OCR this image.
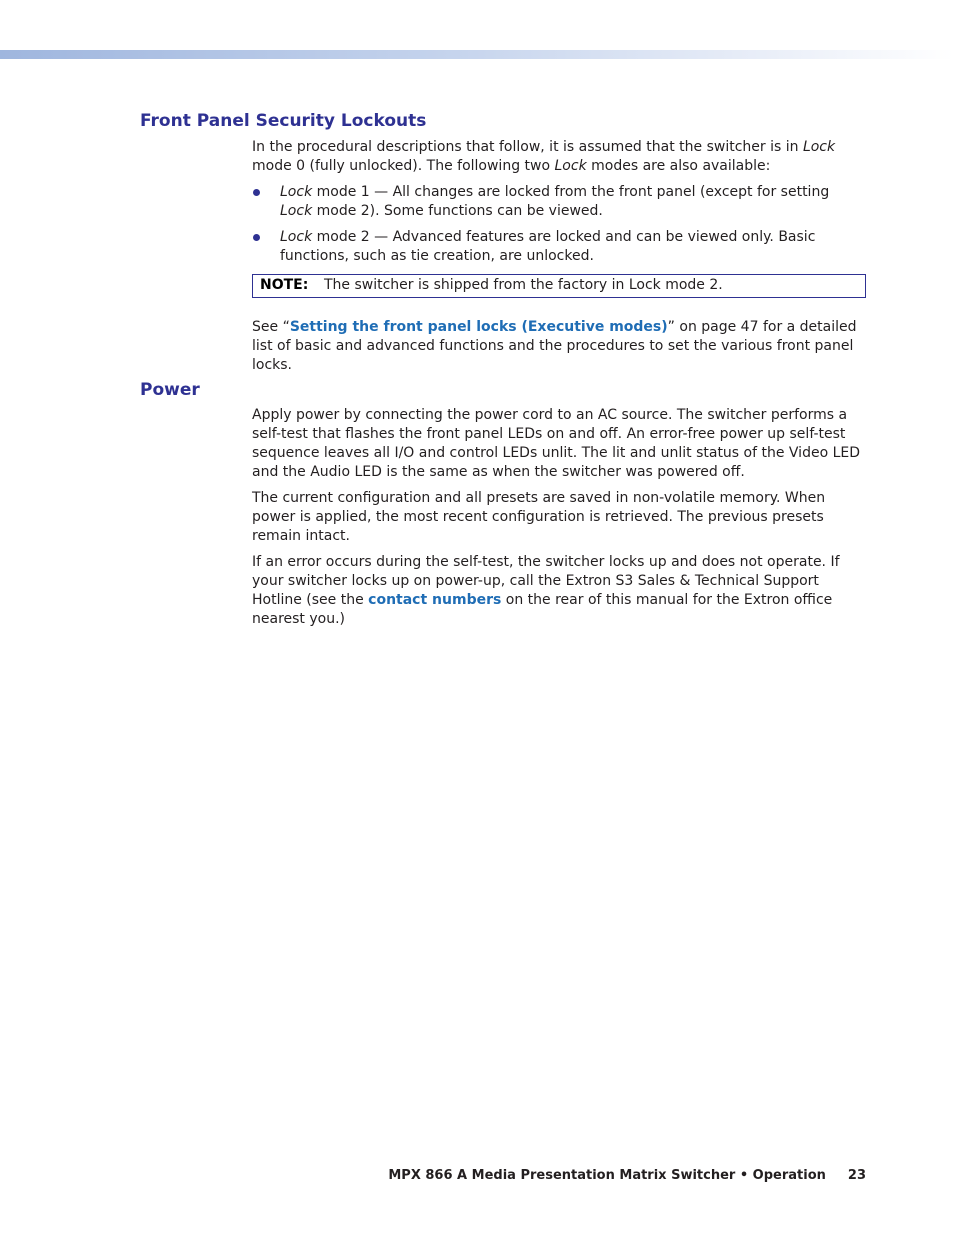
Front Panel Security Lockouts

In the procedural descriptions that follow, it is assumed that the switcher is in Lock mode 0 (fully unlocked). The following two Lock modes are also available:

Lock mode 1 — All changes are locked from the front panel (except for setting Lock mode 2). Some functions can be viewed.
Lock mode 2 — Advanced features are locked and can be viewed only. Basic functions, such as tie creation, are unlocked.
NOTE: The switcher is shipped from the factory in Lock mode 2.

See “Setting the front panel locks (Executive modes)” on page 47 for a detailed list of basic and advanced functions and the procedures to set the various front panel locks.

Power

Apply power by connecting the power cord to an AC source. The switcher performs a self-test that flashes the front panel LEDs on and off. An error-free power up self-test sequence leaves all I/O and control LEDs unlit. The lit and unlit status of the Video LED and the Audio LED is the same as when the switcher was powered off.

The current configuration and all presets are saved in non-volatile memory. When power is applied, the most recent configuration is retrieved. The previous presets remain intact.

If an error occurs during the self-test, the switcher locks up and does not operate. If your switcher locks up on power-up, call the Extron S3 Sales & Technical Support Hotline (see the contact numbers on the rear of this manual for the Extron office nearest you.)

MPX 866 A Media Presentation Matrix Switcher • Operation 23
